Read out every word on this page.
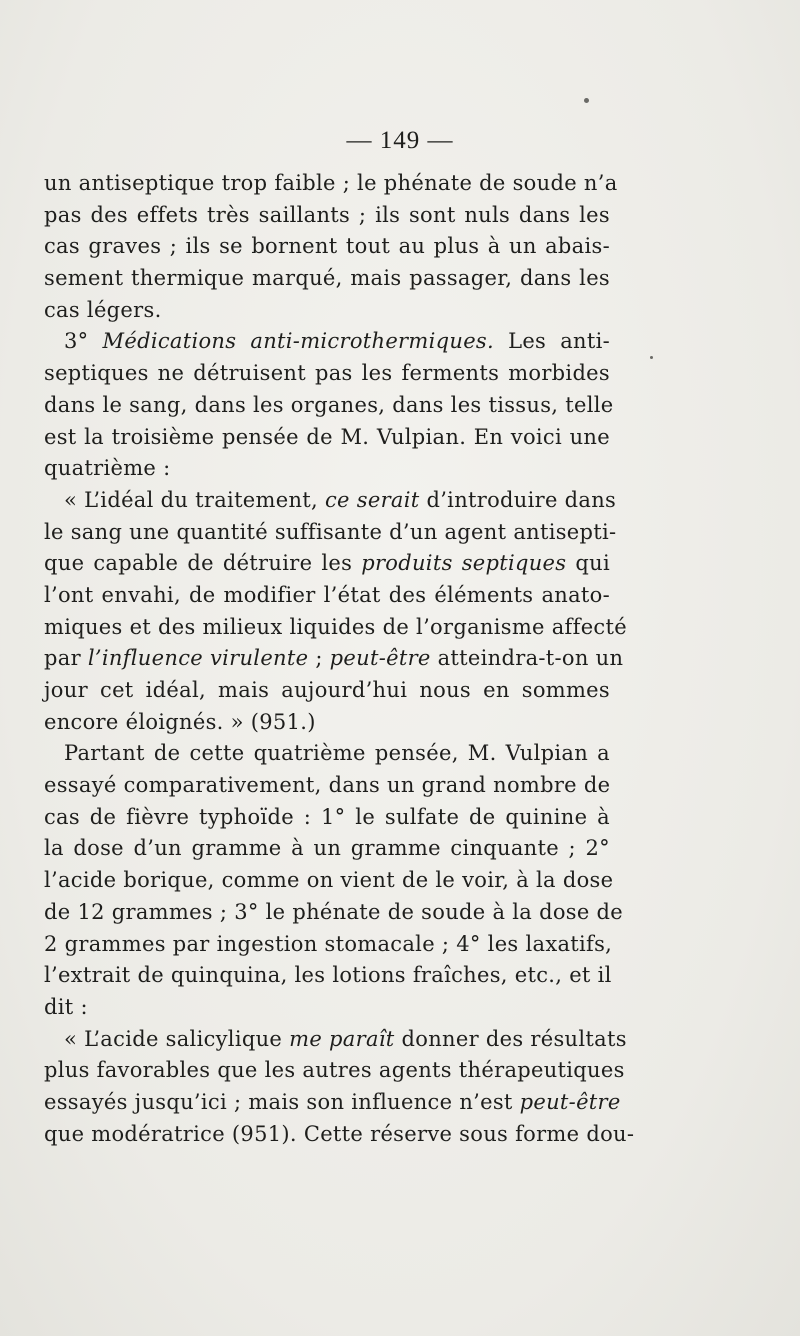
— 149 —
un antiseptique trop faible ; le phénate de soude n’a
pas des effets très saillants ; ils sont nuls dans les
cas graves ; ils se bornent tout au plus à un abais-
sement thermique marqué, mais passager, dans les
cas légers.
3° Médications anti-microthermiques. Les anti-
septiques ne détruisent pas les ferments morbides
dans le sang, dans les organes, dans les tissus, telle
est la troisième pensée de M. Vulpian. En voici une
quatrième :
« L’idéal du traitement, ce serait d’introduire dans
le sang une quantité suffisante d’un agent antisepti-
que capable de détruire les produits septiques qui
l’ont envahi, de modifier l’état des éléments anato-
miques et des milieux liquides de l’organisme affecté
par l’influence virulente ; peut-être atteindra-t-on un
jour cet idéal, mais aujourd’hui nous en sommes
encore éloignés. » (951.)
Partant de cette quatrième pensée, M. Vulpian a
essayé comparativement, dans un grand nombre de
cas de fièvre typhoïde : 1° le sulfate de quinine à
la dose d’un gramme à un gramme cinquante ; 2°
l’acide borique, comme on vient de le voir, à la dose
de 12 grammes ; 3° le phénate de soude à la dose de
2 grammes par ingestion stomacale ; 4° les laxatifs,
l’extrait de quinquina, les lotions fraîches, etc., et il
dit :
« L’acide salicylique me paraît donner des résultats
plus favorables que les autres agents thérapeutiques
essayés jusqu’ici ; mais son influence n’est peut-être
que modératrice (951). Cette réserve sous forme dou-
